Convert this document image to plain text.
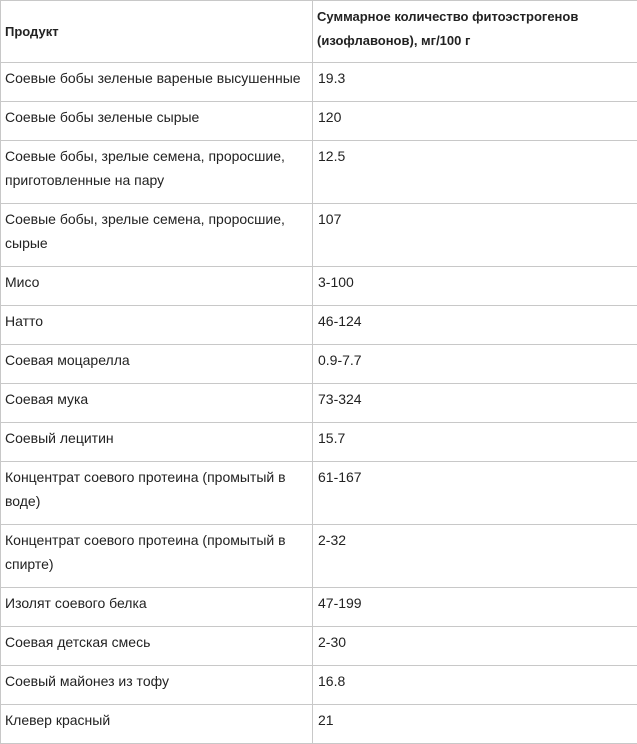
Продукт	Суммарное количество фитоэстрогенов (изофлавонов), мг/100 г
Соевые бобы зеленые вареные высушенные	19.3
Соевые бобы зеленые сырые	120
Соевые бобы, зрелые семена, проросшие, приготовленные на пару	12.5
Соевые бобы, зрелые семена, проросшие, сырые	107
Мисо	3-100
Натто	46-124
Соевая моцарелла	0.9-7.7
Соевая мука	73-324
Соевый лецитин	15.7
Концентрат соевого протеина (промытый в воде)	61-167
Концентрат соевого протеина (промытый в спирте)	2-32
Изолят соевого белка	47-199
Соевая детская смесь	2-30
Соевый майонез из тофу	16.8
Клевер красный	21
